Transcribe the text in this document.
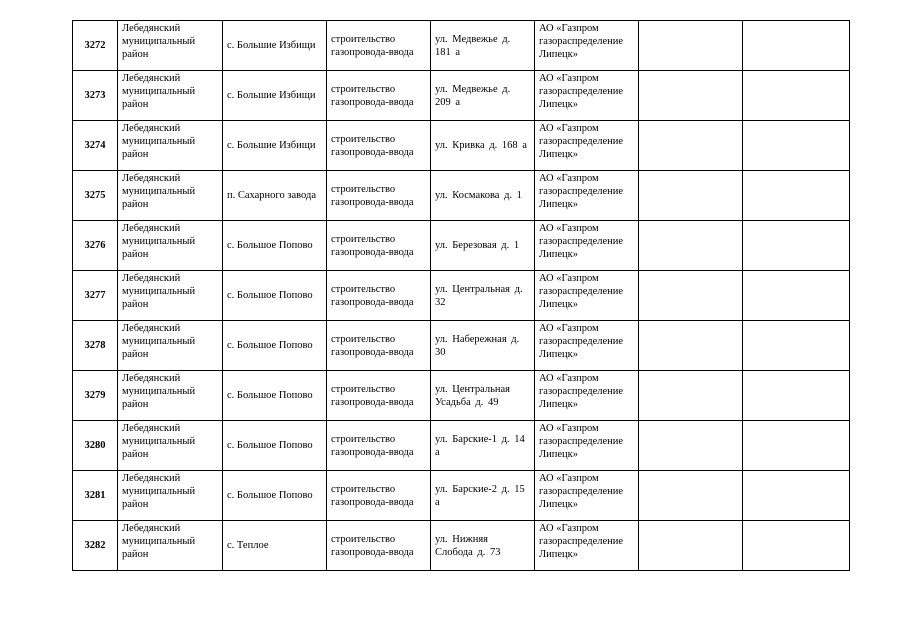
3272	Лебедянский муниципальный район	с. Большие Избищи	строительство газопровода-ввода	ул. Медвежье д. 181 а	АО «Газпром газораспределение Липецк»		
3273	Лебедянский муниципальный район	с. Большие Избищи	строительство газопровода-ввода	ул. Медвежье д. 209 а	АО «Газпром газораспределение Липецк»		
3274	Лебедянский муниципальный район	с. Большие Избищи	строительство газопровода-ввода	ул. Кривка д. 168 а	АО «Газпром газораспределение Липецк»		
3275	Лебедянский муниципальный район	п. Сахарного завода	строительство газопровода-ввода	ул. Космакова д. 1	АО «Газпром газораспределение Липецк»		
3276	Лебедянский муниципальный район	с. Большое Попово	строительство газопровода-ввода	ул. Березовая д. 1	АО «Газпром газораспределение Липецк»		
3277	Лебедянский муниципальный район	с. Большое Попово	строительство газопровода-ввода	ул. Центральная д. 32	АО «Газпром газораспределение Липецк»		
3278	Лебедянский муниципальный район	с. Большое Попово	строительство газопровода-ввода	ул. Набережная д. 30	АО «Газпром газораспределение Липецк»		
3279	Лебедянский муниципальный район	с. Большое Попово	строительство газопровода-ввода	ул. Центральная Усадьба д. 49	АО «Газпром газораспределение Липецк»		
3280	Лебедянский муниципальный район	с. Большое Попово	строительство газопровода-ввода	ул. Барские-1 д. 14 а	АО «Газпром газораспределение Липецк»		
3281	Лебедянский муниципальный район	с. Большое Попово	строительство газопровода-ввода	ул. Барские-2 д. 15 а	АО «Газпром газораспределение Липецк»		
3282	Лебедянский муниципальный район	с. Теплое	строительство газопровода-ввода	ул. Нижняя Слобода д. 73	АО «Газпром газораспределение Липецк»		
